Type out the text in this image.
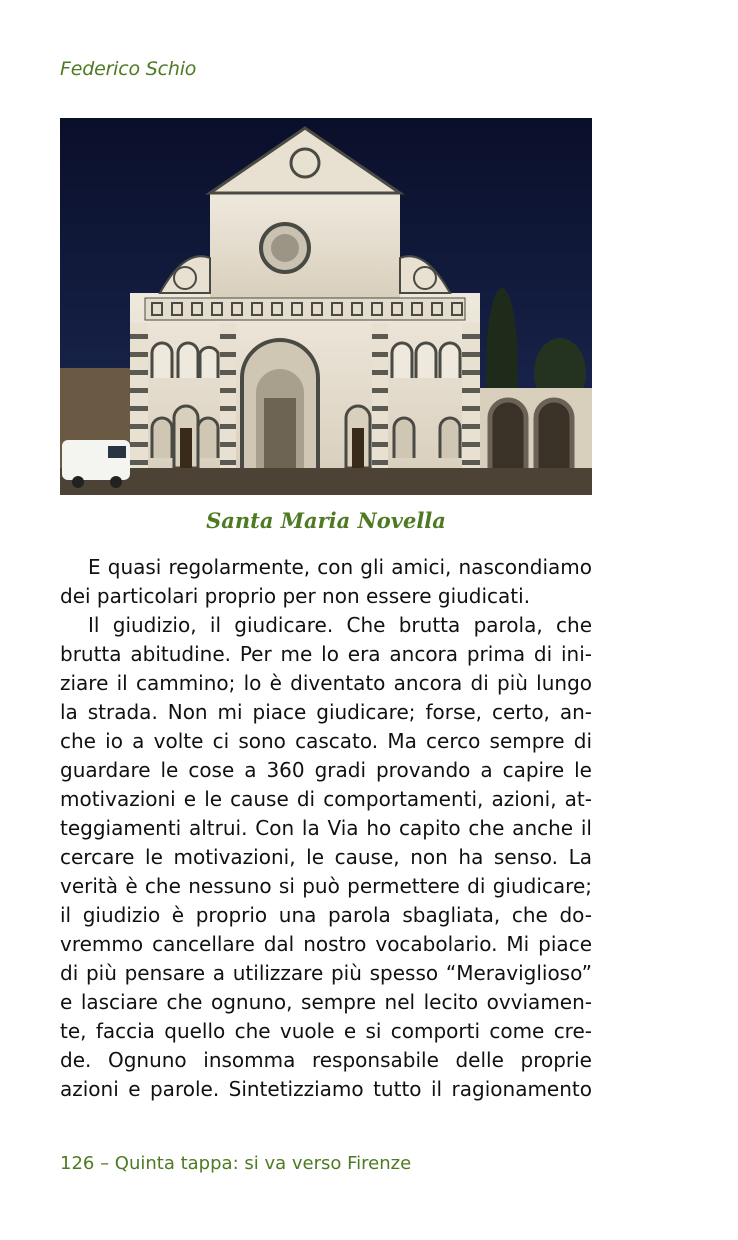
Federico Schio
Santa Maria Novella
E quasi regolarmente, con gli amici, nascondiamo
dei particolari proprio per non essere giudicati.
Il giudizio, il giudicare. Che brutta parola, che
brutta abitudine. Per me lo era ancora prima di ini-
ziare il cammino; lo è diventato ancora di più lungo
la strada. Non mi piace giudicare; forse, certo, an-
che io a volte ci sono cascato. Ma cerco sempre di
guardare le cose a 360 gradi provando a capire le
motivazioni e le cause di comportamenti, azioni, at-
teggiamenti altrui. Con la Via ho capito che anche il
cercare le motivazioni, le cause, non ha senso. La
verità è che nessuno si può permettere di giudicare;
il giudizio è proprio una parola sbagliata, che do-
vremmo cancellare dal nostro vocabolario. Mi piace
di più pensare a utilizzare più spesso “Meraviglioso”
e lasciare che ognuno, sempre nel lecito ovviamen-
te, faccia quello che vuole e si comporti come cre-
de. Ognuno insomma responsabile delle proprie
azioni e parole. Sintetizziamo tutto il ragionamento
126 – Quinta tappa: si va verso Firenze
